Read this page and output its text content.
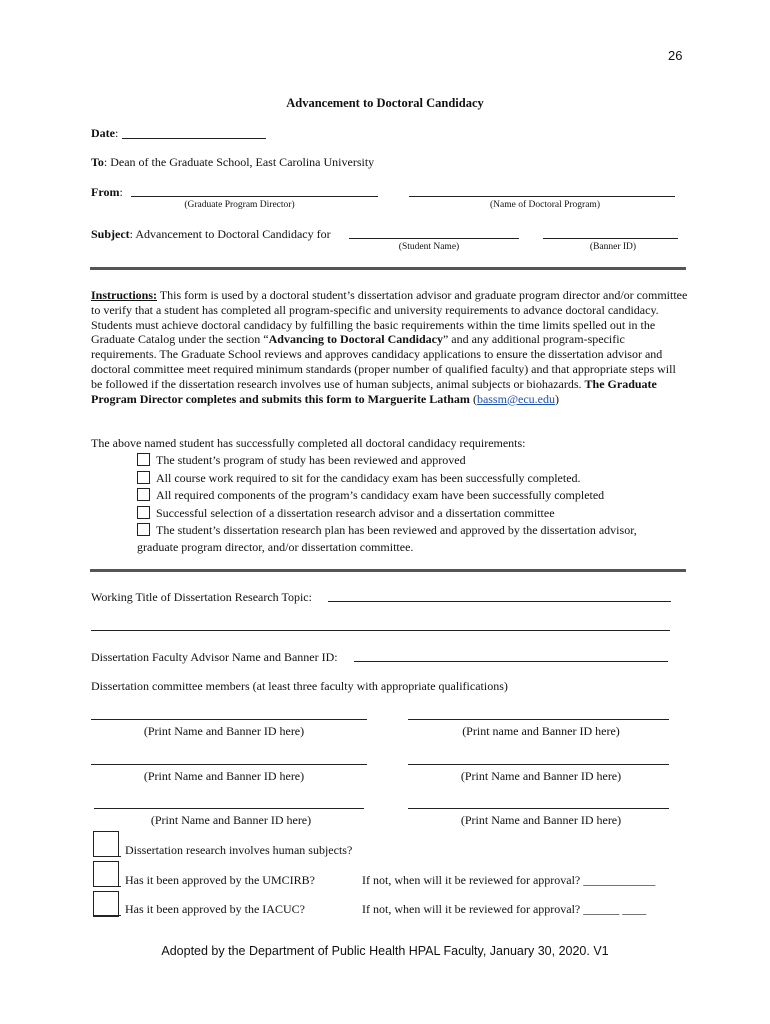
26
Advancement to Doctoral Candidacy
Date:
To: Dean of the Graduate School, East Carolina University
From:
(Graduate Program Director)	(Name of Doctoral Program)
Subject: Advancement to Doctoral Candidacy for
(Student Name)	(Banner ID)
Instructions: This form is used by a doctoral student’s dissertation advisor and graduate program director and/or committee to verify that a student has completed all program-specific and university requirements to advance doctoral candidacy. Students must achieve doctoral candidacy by fulfilling the basic requirements within the time limits spelled out in the Graduate Catalog under the section “Advancing to Doctoral Candidacy” and any additional program-specific requirements. The Graduate School reviews and approves candidacy applications to ensure the dissertation advisor and doctoral committee meet required minimum standards (proper number of qualified faculty) and that appropriate steps will be followed if the dissertation research involves use of human subjects, animal subjects or biohazards. The Graduate Program Director completes and submits this form to Marguerite Latham (bassm@ecu.edu)
The above named student has successfully completed all doctoral candidacy requirements:
The student’s program of study has been reviewed and approved
All course work required to sit for the candidacy exam has been successfully completed.
All required components of the program’s candidacy exam have been successfully completed
Successful selection of a dissertation research advisor and a dissertation committee
The student’s dissertation research plan has been reviewed and approved by the dissertation advisor,
graduate program director, and/or dissertation committee.
Working Title of Dissertation Research Topic:
Dissertation Faculty Advisor Name and Banner ID:
Dissertation committee members (at least three faculty with appropriate qualifications)
(Print Name and Banner ID here)	(Print name and Banner ID here)
(Print Name and Banner ID here)	(Print Name and Banner ID here)
(Print Name and Banner ID here)	(Print Name and Banner ID here)
Dissertation research involves human subjects?
Has it been approved by the UMCIRB?	If not, when will it be reviewed for approval? ____________
Has it been approved by the IACUC?	If not, when will it be reviewed for approval? ______ ____
Adopted by the Department of Public Health HPAL Faculty, January 30, 2020. V1
